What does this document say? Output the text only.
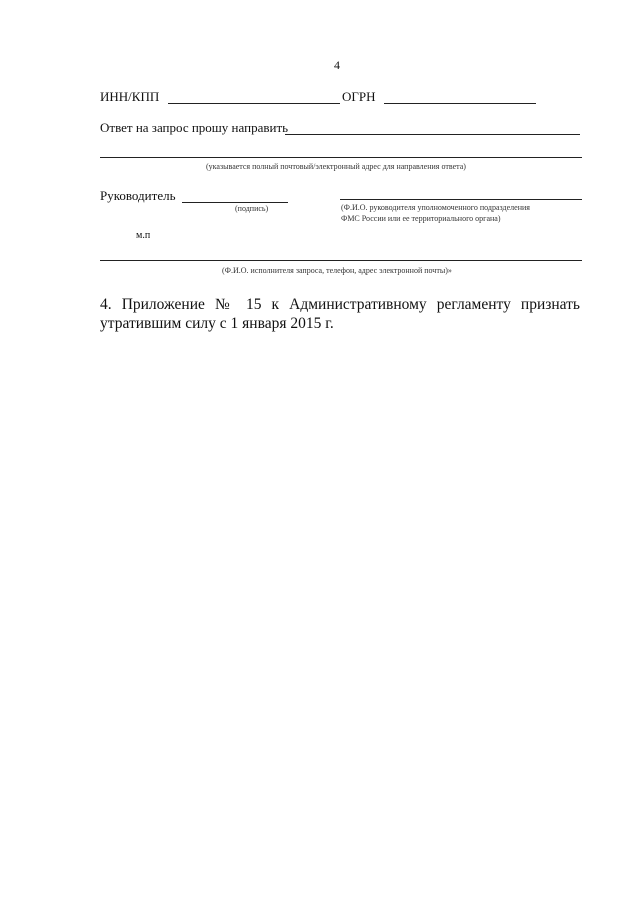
4
ИНН/КПП	ОГРН
Ответ на запрос прошу направить
(указывается полный почтовый/электронный адрес для направления ответа)
Руководитель
(подпись)	(Ф.И.О. руководителя уполномоченного подразделения
ФМС России или ее территориального органа)
м.п
(Ф.И.О. исполнителя запроса, телефон, адрес электронной почты)»
4. Приложение № 15 к Административному регламенту признать утратившим силу с 1 января 2015 г.
